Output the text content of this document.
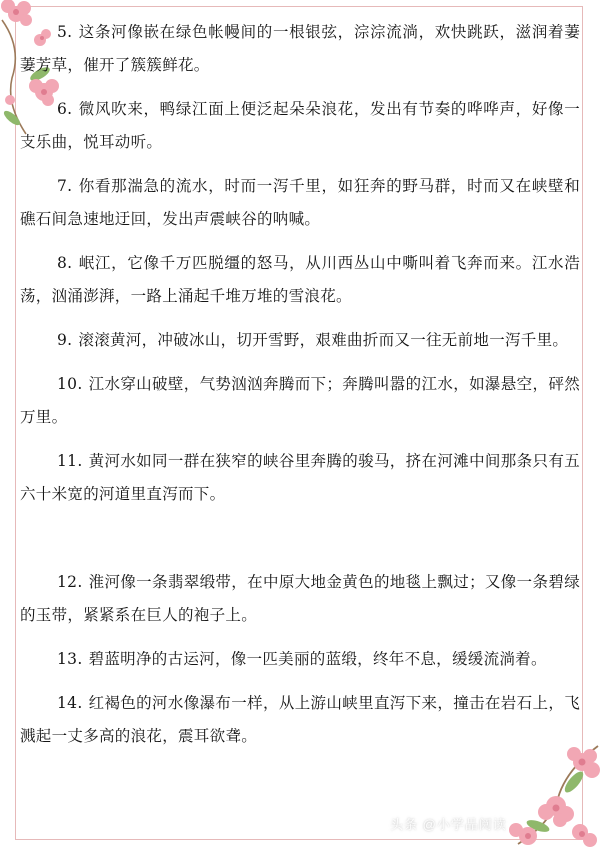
5. 这条河像嵌在绿色帐幔间的一根银弦，淙淙流淌，欢快跳跃，滋润着萋萋芳草，催开了簇簇鲜花。

6. 微风吹来，鸭绿江面上便泛起朵朵浪花，发出有节奏的哗哗声，好像一支乐曲，悦耳动听。

7. 你看那湍急的流水，时而一泻千里，如狂奔的野马群，时而又在峡壁和礁石间急速地迂回，发出声震峡谷的呐喊。

8. 岷江，它像千万匹脱缰的怒马，从川西丛山中嘶叫着飞奔而来。江水浩荡，汹涌澎湃，一路上涌起千堆万堆的雪浪花。

9. 滚滚黄河，冲破冰山，切开雪野，艰难曲折而又一往无前地一泻千里。

10. 江水穿山破壁，气势汹汹奔腾而下；奔腾叫嚣的江水，如瀑悬空，砰然万里。

11. 黄河水如同一群在狭窄的峡谷里奔腾的骏马，挤在河滩中间那条只有五六十米宽的河道里直泻而下。

12. 淮河像一条翡翠缎带，在中原大地金黄色的地毯上飘过；又像一条碧绿的玉带，紧紧系在巨人的袍子上。

13. 碧蓝明净的古运河，像一匹美丽的蓝缎，终年不息，缓缓流淌着。

14. 红褐色的河水像瀑布一样，从上游山峡里直泻下来，撞击在岩石上，飞溅起一丈多高的浪花，震耳欲聋。

头条 @小学品阅读
